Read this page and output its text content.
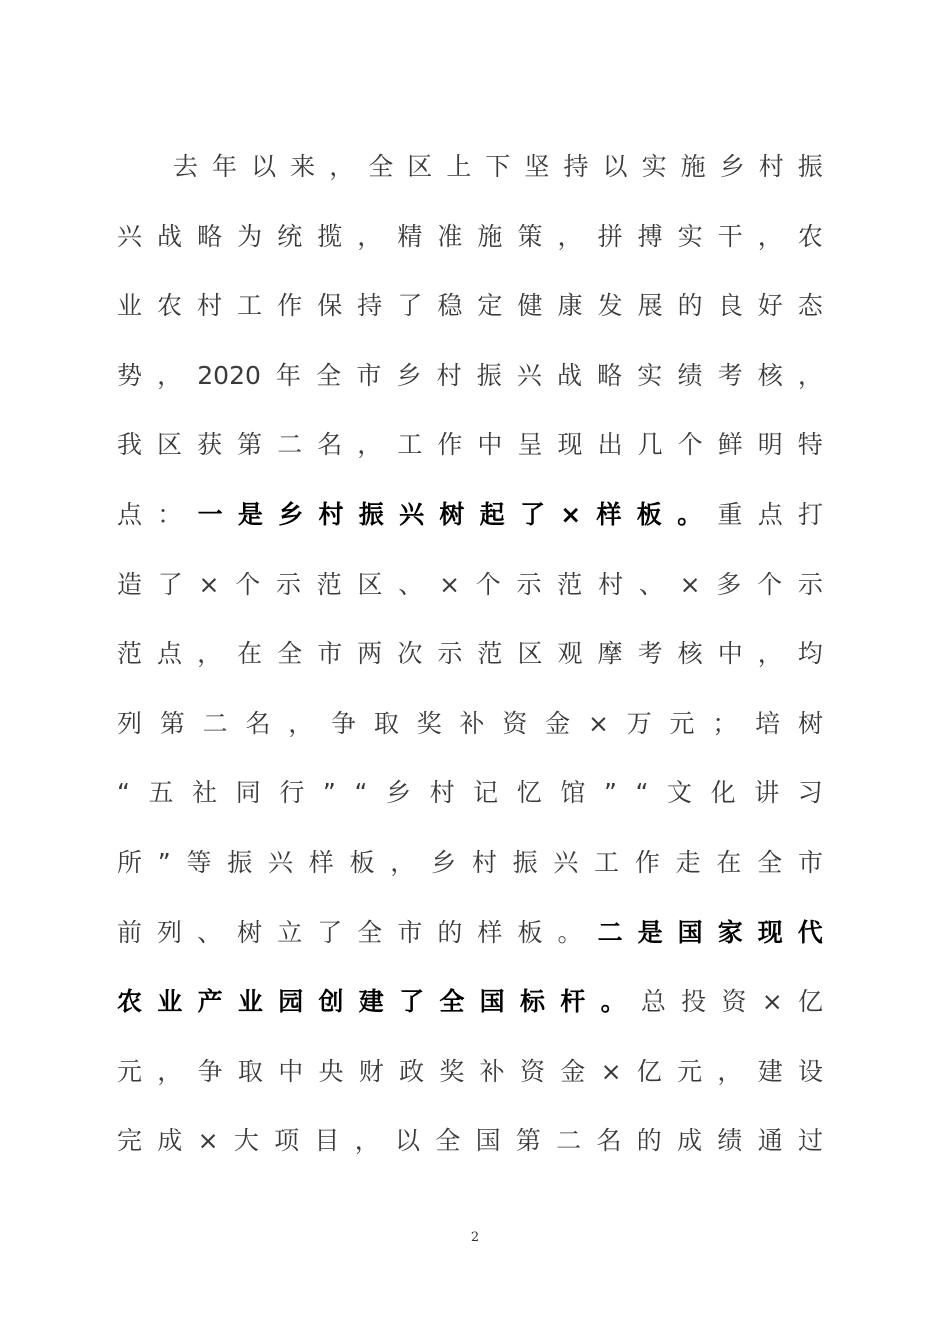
去 年 以 来 ， 全 区 上 下 坚 持 以 实 施 乡 村 振
兴 战 略 为 统 揽 ， 精 准 施 策 ， 拼 搏 实 干 ， 农
业 农 村 工 作 保 持 了 稳 定 健 康 发 展 的 良 好 态
势 ， 2020 年 全 市 乡 村 振 兴 战 略 实 绩 考 核 ，
我 区 获 第 二 名 ， 工 作 中 呈 现 出 几 个 鲜 明 特
点 ： 一 是 乡 村 振 兴 树 起 了 × 样 板 。 重 点 打
造 了 × 个 示 范 区 、 × 个 示 范 村 、 × 多 个 示
范 点 ， 在 全 市 两 次 示 范 区 观 摩 考 核 中 ， 均
列 第 二 名 ， 争 取 奖 补 资 金 × 万 元 ； 培 树
“ 五 社 同 行 ” “ 乡 村 记 忆 馆 ” “ 文 化 讲 习
所 ” 等 振 兴 样 板 ， 乡 村 振 兴 工 作 走 在 全 市
前 列 、 树 立 了 全 市 的 样 板 。 二 是 国 家 现 代
农 业 产 业 园 创 建 了 全 国 标 杆 。 总 投 资 × 亿
元 ， 争 取 中 央 财 政 奖 补 资 金 × 亿 元 ， 建 设
完 成 × 大 项 目 ， 以 全 国 第 二 名 的 成 绩 通 过
2
